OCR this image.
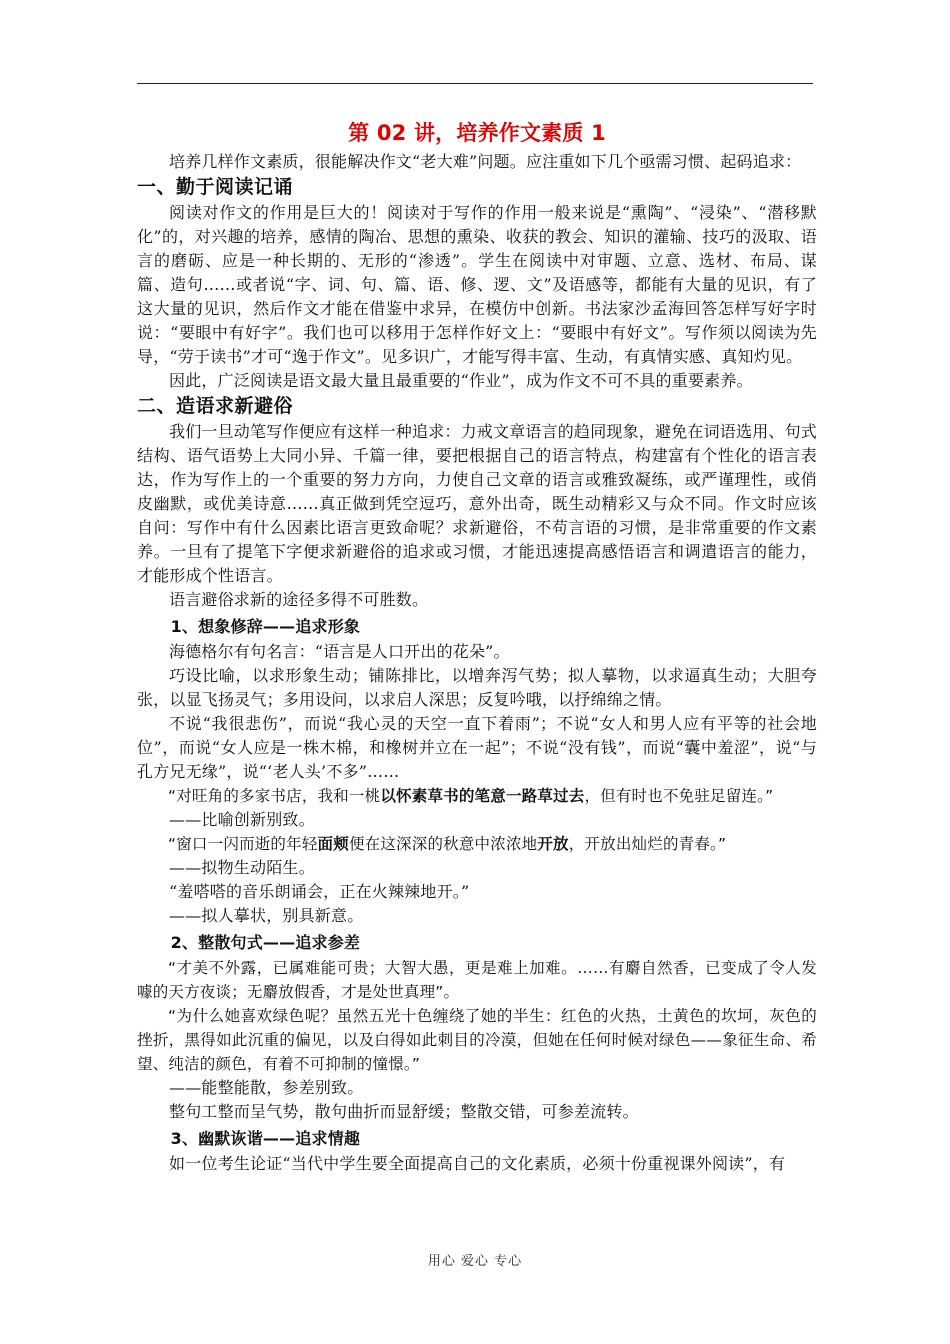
第 02 讲，培养作文素质 1

培养几样作文素质，很能解决作文“老大难”问题。应注重如下几个亟需习惯、起码追求：

一、勤于阅读记诵

阅读对作文的作用是巨大的！阅读对于写作的作用一般来说是“熏陶”、“浸染”、“潜移默化”的，对兴趣的培养，感情的陶冶、思想的熏染、收获的教会、知识的灌输、技巧的汲取、语言的磨砺、应是一种长期的、无形的“渗透”。学生在阅读中对审题、立意、选材、布局、谋篇、造句……或者说“字、词、句、篇、语、修、逻、文”及语感等，都能有大量的见识，有了这大量的见识，然后作文才能在借鉴中求异，在模仿中创新。书法家沙孟海回答怎样写好字时说：“要眼中有好字”。我们也可以移用于怎样作好文上：“要眼中有好文”。写作须以阅读为先导，“劳于读书”才可“逸于作文”。见多识广，才能写得丰富、生动，有真情实感、真知灼见。

因此，广泛阅读是语文最大量且最重要的“作业”，成为作文不可不具的重要素养。

二、造语求新避俗

我们一旦动笔写作便应有这样一种追求：力戒文章语言的趋同现象，避免在词语选用、句式结构、语气语势上大同小异、千篇一律，要把根据自己的语言特点，构建富有个性化的语言表达，作为写作上的一个重要的努力方向，力使自己文章的语言或雅致凝练，或严谨理性，或俏皮幽默，或优美诗意……真正做到凭空逗巧，意外出奇，既生动精彩又与众不同。作文时应该自问：写作中有什么因素比语言更致命呢？求新避俗，不苟言语的习惯，是非常重要的作文素养。一旦有了提笔下字便求新避俗的追求或习惯，才能迅速提高感悟语言和调遣语言的能力，才能形成个性语言。

语言避俗求新的途径多得不可胜数。

1、想象修辞——追求形象

海德格尔有句名言：“语言是人口开出的花朵”。

巧设比喻，以求形象生动；铺陈排比，以增奔泻气势；拟人摹物，以求逼真生动；大胆夸张，以显飞扬灵气；多用设问，以求启人深思；反复吟哦，以抒绵绵之情。

不说“我很悲伤”，而说“我心灵的天空一直下着雨”；不说“女人和男人应有平等的社会地位”，而说“女人应是一株木棉，和橡树并立在一起”；不说“没有钱”，而说“囊中羞涩”，说“与孔方兄无缘”，说“‘老人头’不多”……

“对旺角的多家书店，我和一桃以怀素草书的笔意一路草过去，但有时也不免驻足留连。”

——比喻创新别致。

“窗口一闪而逝的年轻面颊便在这深深的秋意中浓浓地开放，开放出灿烂的青春。”

——拟物生动陌生。

“羞嗒嗒的音乐朗诵会，正在火辣辣地开。”

——拟人摹状，别具新意。

2、整散句式——追求参差

“才美不外露，已属难能可贵；大智大愚，更是难上加难。……有麝自然香，已变成了令人发噱的天方夜谈；无麝放假香，才是处世真理”。

“为什么她喜欢绿色呢？虽然五光十色缠绕了她的半生：红色的火热，土黄色的坎坷，灰色的挫折，黑得如此沉重的偏见，以及白得如此刺目的冷漠，但她在任何时候对绿色——象征生命、希望、纯洁的颜色，有着不可抑制的憧憬。”

——能整能散，参差别致。

整句工整而呈气势，散句曲折而显舒缓；整散交错，可参差流转。

3、幽默诙谐——追求情趣

如一位考生论证“当代中学生要全面提高自己的文化素质，必须十份重视课外阅读”，有

用心 爱心 专心
